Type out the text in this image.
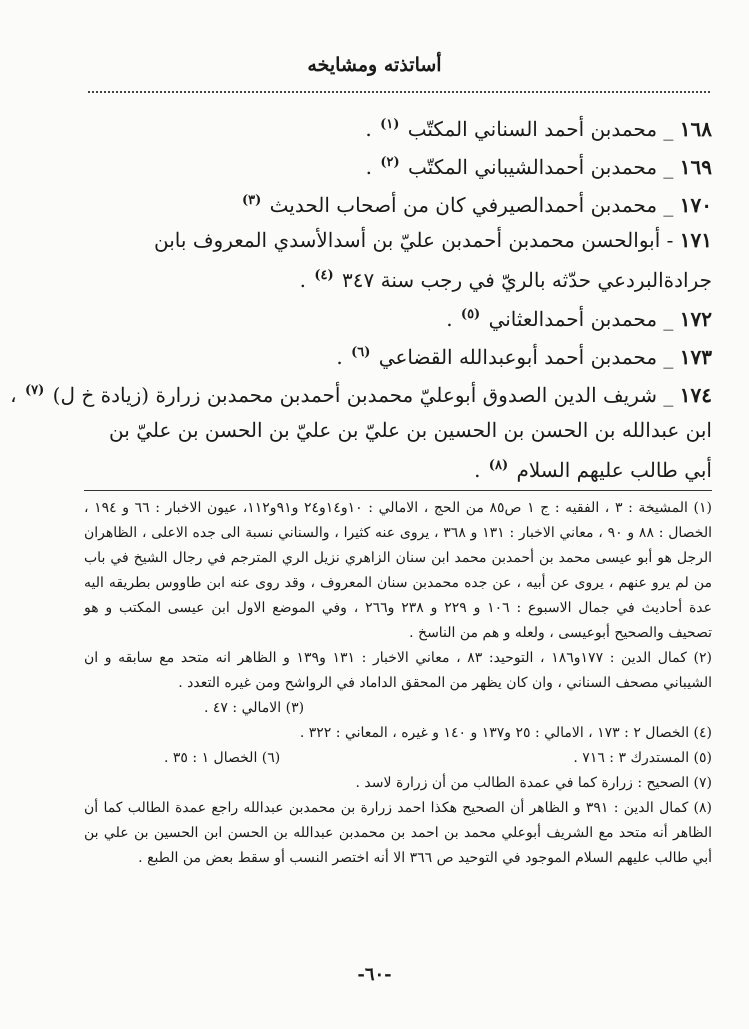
أساتذته ومشايخه
١٦٨ _ محمدبن أحمد السناني المكتّب $^{(١)}$ .
١٦٩ _ محمدبن أحمدالشيباني المكتّب $^{(٢)}$ .
١٧٠ _ محمدبن أحمدالصيرفي كان من أصحاب الحديث $^{(٣)}$
١٧١ - أبوالحسن محمدبن أحمدبن عليّ بن أسدالأسدي المعروف بابن جرادةالبردعي حدّثه بالريّ في رجب سنة ٣٤٧ $^{(٤)}$ .
١٧٢ _ محمدبن أحمدالعثاني $^{(٥)}$ .
١٧٣ _ محمدبن أحمد أبوعبدالله القضاعي $^{(٦)}$ .
١٧٤ _ شريف الدين الصدوق أبوعليّ محمدبن أحمدبن محمدبن زرارة (زيادة خ ل) $^{(٧)}$ ،
ابن عبدالله بن الحسن بن الحسين بن عليّ بن عليّ بن الحسن بن عليّ بن أبي طالب عليهم السلام $^{(٨)}$ .
(١) المشيخة : ٣ ، الفقيه : ج ١ ص٨٥ من الحج ، الامالي : ١٠و١٤و٢٤ و٩١و١١٢، عيون الاخبار : ٦٦ و ١٩٤ ، الخصال : ٨٨ و ٩٠ ، معاني الاخبار : ١٣١ و ٣٦٨ ، يروى عنه كثيرا ، والسناني نسبة الى جده الاعلى ، الظاهران الرجل هو أبو عيسى محمد بن أحمدبن محمد ابن سنان الزاهري نزيل الري المترجم في رجال الشيخ في باب من لم يرو عنهم ، يروى عن أبيه ، عن جده محمدبن سنان المعروف ، وقد روى عنه ابن طاووس بطريقه اليه عدة أحاديث في جمال الاسبوع : ١٠٦ و ٢٢٩ و ٢٣٨ و٢٦٦ ، وفي الموضع الاول ابن عيسى المكتب و هو تصحيف والصحيح أبوعيسى ، ولعله و هم من الناسخ .
(٢) كمال الدين : ١٧٧و١٨٦ ، التوحيد: ٨٣ ، معاني الاخبار : ١٣١ و١٣٩ و الظاهر انه متحد مع سابقه و ان الشيباني مصحف السناني ، وان كان يظهر من المحقق الداماد في الرواشح ومن غيره التعدد .
(٣) الامالي : ٤٧ .
(٤) الخصال ٢ : ١٧٣ ، الامالي : ٢٥ و١٣٧ و ١٤٠ و غيره ، المعاني : ٣٢٢ .
(٥) المستدرك ٣ : ٧١٦ .
(٦) الخصال ١ : ٣٥ .
(٧) الصحيح : زرارة كما في عمدة الطالب من أن زرارة لاسد .
(٨) كمال الدين : ٣٩١ و الظاهر أن الصحيح هكذا احمد زرارة بن محمدبن عبدالله راجع عمدة الطالب كما أن الظاهر أنه متحد مع الشريف أبوعلي محمد بن احمد بن محمدبن عبدالله بن الحسن ابن الحسين بن علي بن أبي طالب عليهم السلام الموجود في التوحيد ص ٣٦٦ الا أنه اختصر النسب أو سقط بعض من الطبع .
-٦٠-
